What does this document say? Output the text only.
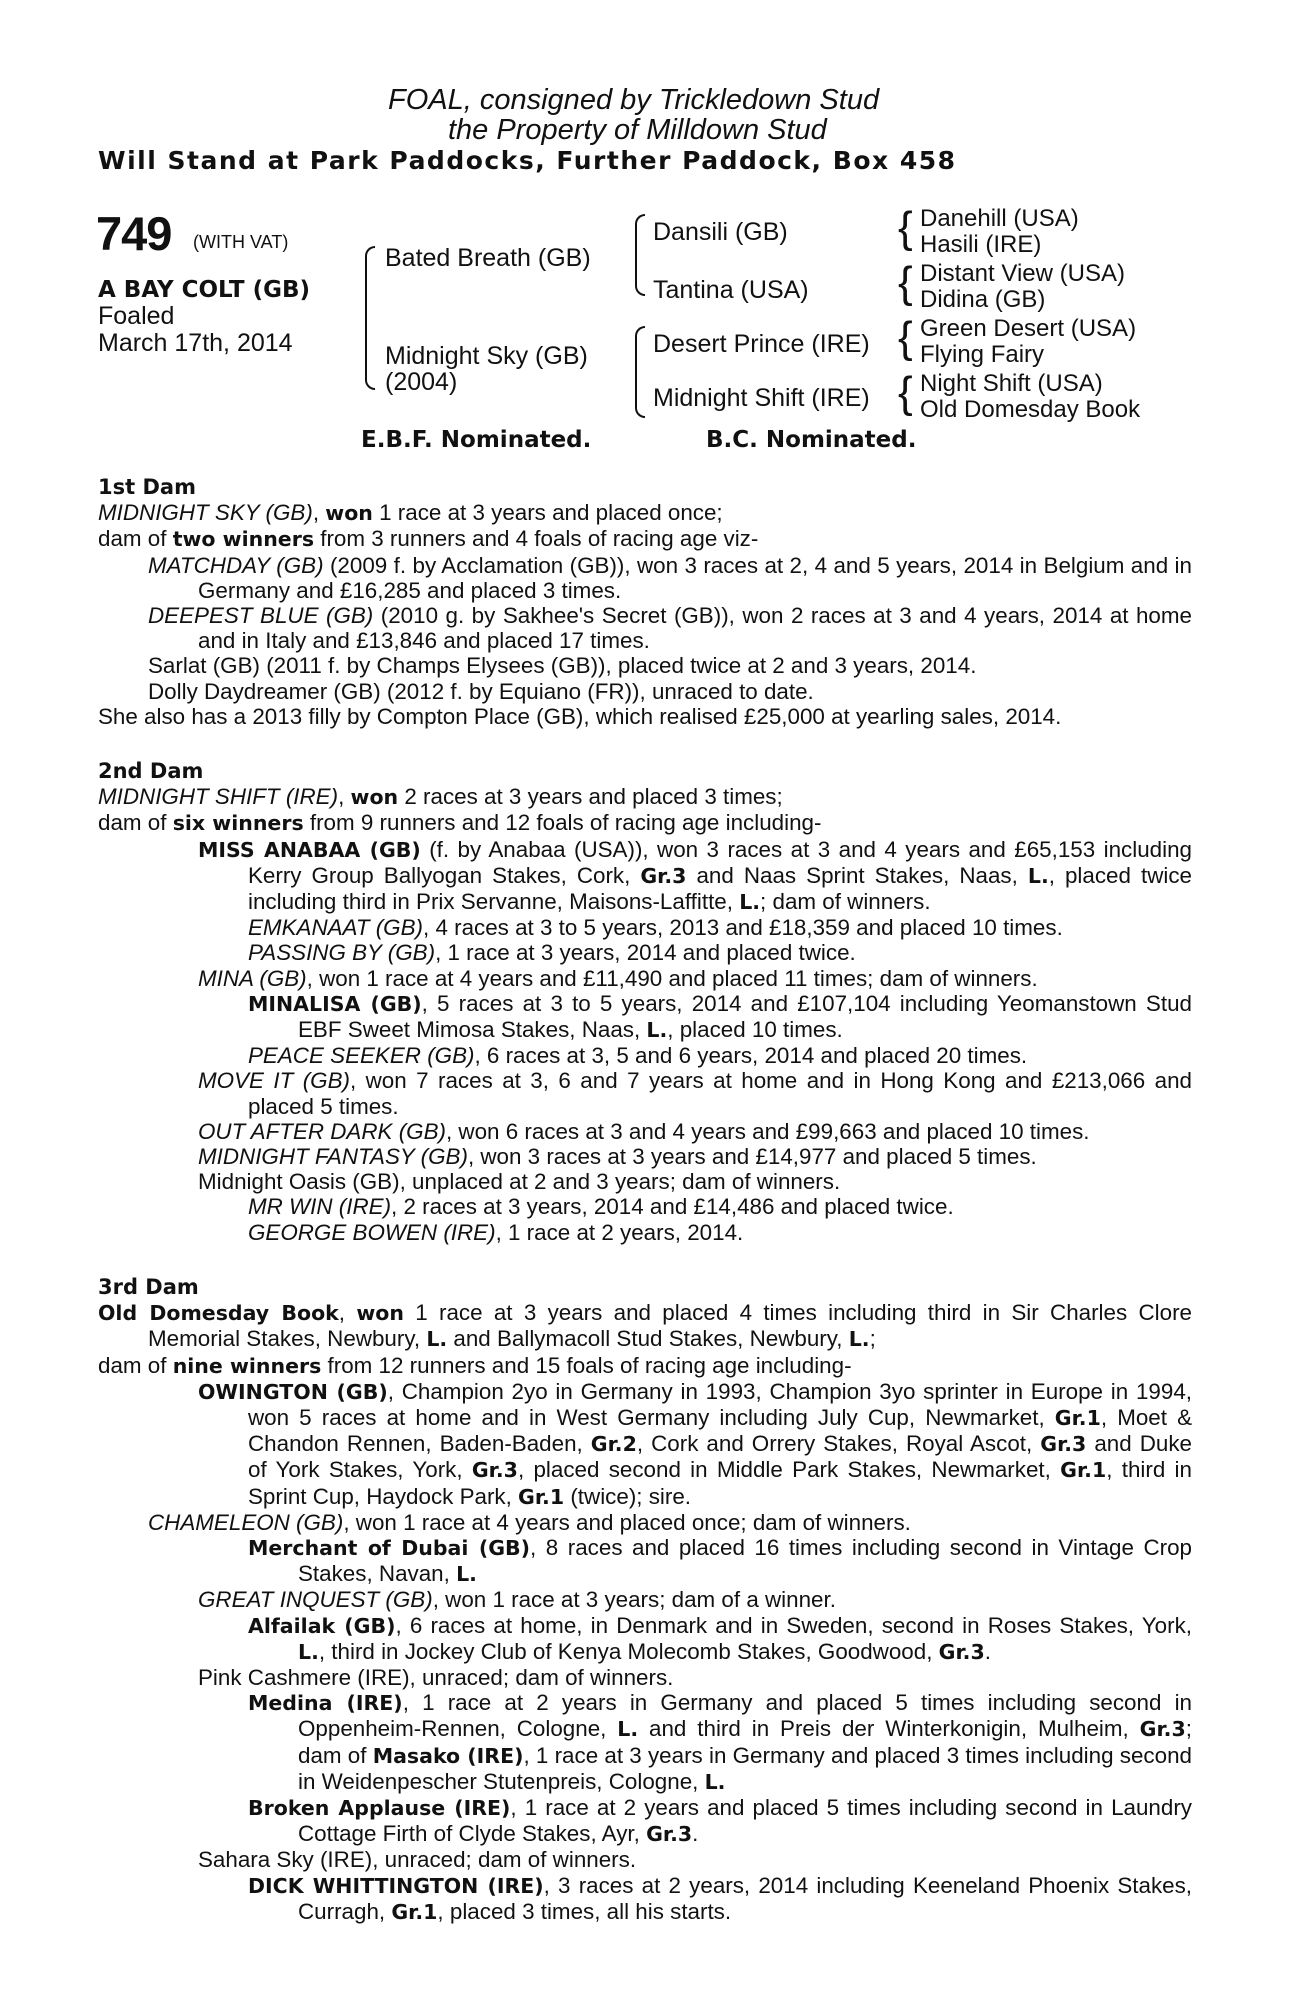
FOAL, consigned by Trickledown Stud
the Property of Milldown Stud
Will Stand at Park Paddocks, Further Paddock, Box 458
749 (WITH VAT)
A BAY COLT (GB)
Foaled
March 17th, 2014
Bated Breath (GB)
Midnight Sky (GB)
(2004)
Dansili (GB)
Tantina (USA)
Desert Prince (IRE)
Midnight Shift (IRE)
{
{
{
{
Danehill (USA)
Hasili (IRE)
Distant View (USA)
Didina (GB)
Green Desert (USA)
Flying Fairy
Night Shift (USA)
Old Domesday Book
E.B.F. Nominated.	B.C. Nominated.
1st Dam
MIDNIGHT SKY (GB), won 1 race at 3 years and placed once;
dam of two winners from 3 runners and 4 foals of racing age viz-
MATCHDAY (GB) (2009 f. by Acclamation (GB)), won 3 races at 2, 4 and 5 years, 2014 in Belgium and in Germany and £16,285 and placed 3 times.
DEEPEST BLUE (GB) (2010 g. by Sakhee's Secret (GB)), won 2 races at 3 and 4 years, 2014 at home and in Italy and £13,846 and placed 17 times.
Sarlat (GB) (2011 f. by Champs Elysees (GB)), placed twice at 2 and 3 years, 2014.
Dolly Daydreamer (GB) (2012 f. by Equiano (FR)), unraced to date.
She also has a 2013 filly by Compton Place (GB), which realised £25,000 at yearling sales, 2014.
2nd Dam
MIDNIGHT SHIFT (IRE), won 2 races at 3 years and placed 3 times;
dam of six winners from 9 runners and 12 foals of racing age including-
MISS ANABAA (GB) (f. by Anabaa (USA)), won 3 races at 3 and 4 years and £65,153 including Kerry Group Ballyogan Stakes, Cork, Gr.3 and Naas Sprint Stakes, Naas, L., placed twice including third in Prix Servanne, Maisons-Laffitte, L.; dam of winners.
EMKANAAT (GB), 4 races at 3 to 5 years, 2013 and £18,359 and placed 10 times.
PASSING BY (GB), 1 race at 3 years, 2014 and placed twice.
MINA (GB), won 1 race at 4 years and £11,490 and placed 11 times; dam of winners.
MINALISA (GB), 5 races at 3 to 5 years, 2014 and £107,104 including Yeomanstown Stud EBF Sweet Mimosa Stakes, Naas, L., placed 10 times.
PEACE SEEKER (GB), 6 races at 3, 5 and 6 years, 2014 and placed 20 times.
MOVE IT (GB), won 7 races at 3, 6 and 7 years at home and in Hong Kong and £213,066 and placed 5 times.
OUT AFTER DARK (GB), won 6 races at 3 and 4 years and £99,663 and placed 10 times.
MIDNIGHT FANTASY (GB), won 3 races at 3 years and £14,977 and placed 5 times.
Midnight Oasis (GB), unplaced at 2 and 3 years; dam of winners.
MR WIN (IRE), 2 races at 3 years, 2014 and £14,486 and placed twice.
GEORGE BOWEN (IRE), 1 race at 2 years, 2014.
3rd Dam
Old Domesday Book, won 1 race at 3 years and placed 4 times including third in Sir Charles Clore Memorial Stakes, Newbury, L. and Ballymacoll Stud Stakes, Newbury, L.;
dam of nine winners from 12 runners and 15 foals of racing age including-
OWINGTON (GB), Champion 2yo in Germany in 1993, Champion 3yo sprinter in Europe in 1994, won 5 races at home and in West Germany including July Cup, Newmarket, Gr.1, Moet & Chandon Rennen, Baden-Baden, Gr.2, Cork and Orrery Stakes, Royal Ascot, Gr.3 and Duke of York Stakes, York, Gr.3, placed second in Middle Park Stakes, Newmarket, Gr.1, third in Sprint Cup, Haydock Park, Gr.1 (twice); sire.
CHAMELEON (GB), won 1 race at 4 years and placed once; dam of winners.
Merchant of Dubai (GB), 8 races and placed 16 times including second in Vintage Crop Stakes, Navan, L.
GREAT INQUEST (GB), won 1 race at 3 years; dam of a winner.
Alfailak (GB), 6 races at home, in Denmark and in Sweden, second in Roses Stakes, York, L., third in Jockey Club of Kenya Molecomb Stakes, Goodwood, Gr.3.
Pink Cashmere (IRE), unraced; dam of winners.
Medina (IRE), 1 race at 2 years in Germany and placed 5 times including second in Oppenheim-Rennen, Cologne, L. and third in Preis der Winterkonigin, Mulheim, Gr.3; dam of Masako (IRE), 1 race at 3 years in Germany and placed 3 times including second in Weidenpescher Stutenpreis, Cologne, L.
Broken Applause (IRE), 1 race at 2 years and placed 5 times including second in Laundry Cottage Firth of Clyde Stakes, Ayr, Gr.3.
Sahara Sky (IRE), unraced; dam of winners.
DICK WHITTINGTON (IRE), 3 races at 2 years, 2014 including Keeneland Phoenix Stakes, Curragh, Gr.1, placed 3 times, all his starts.
